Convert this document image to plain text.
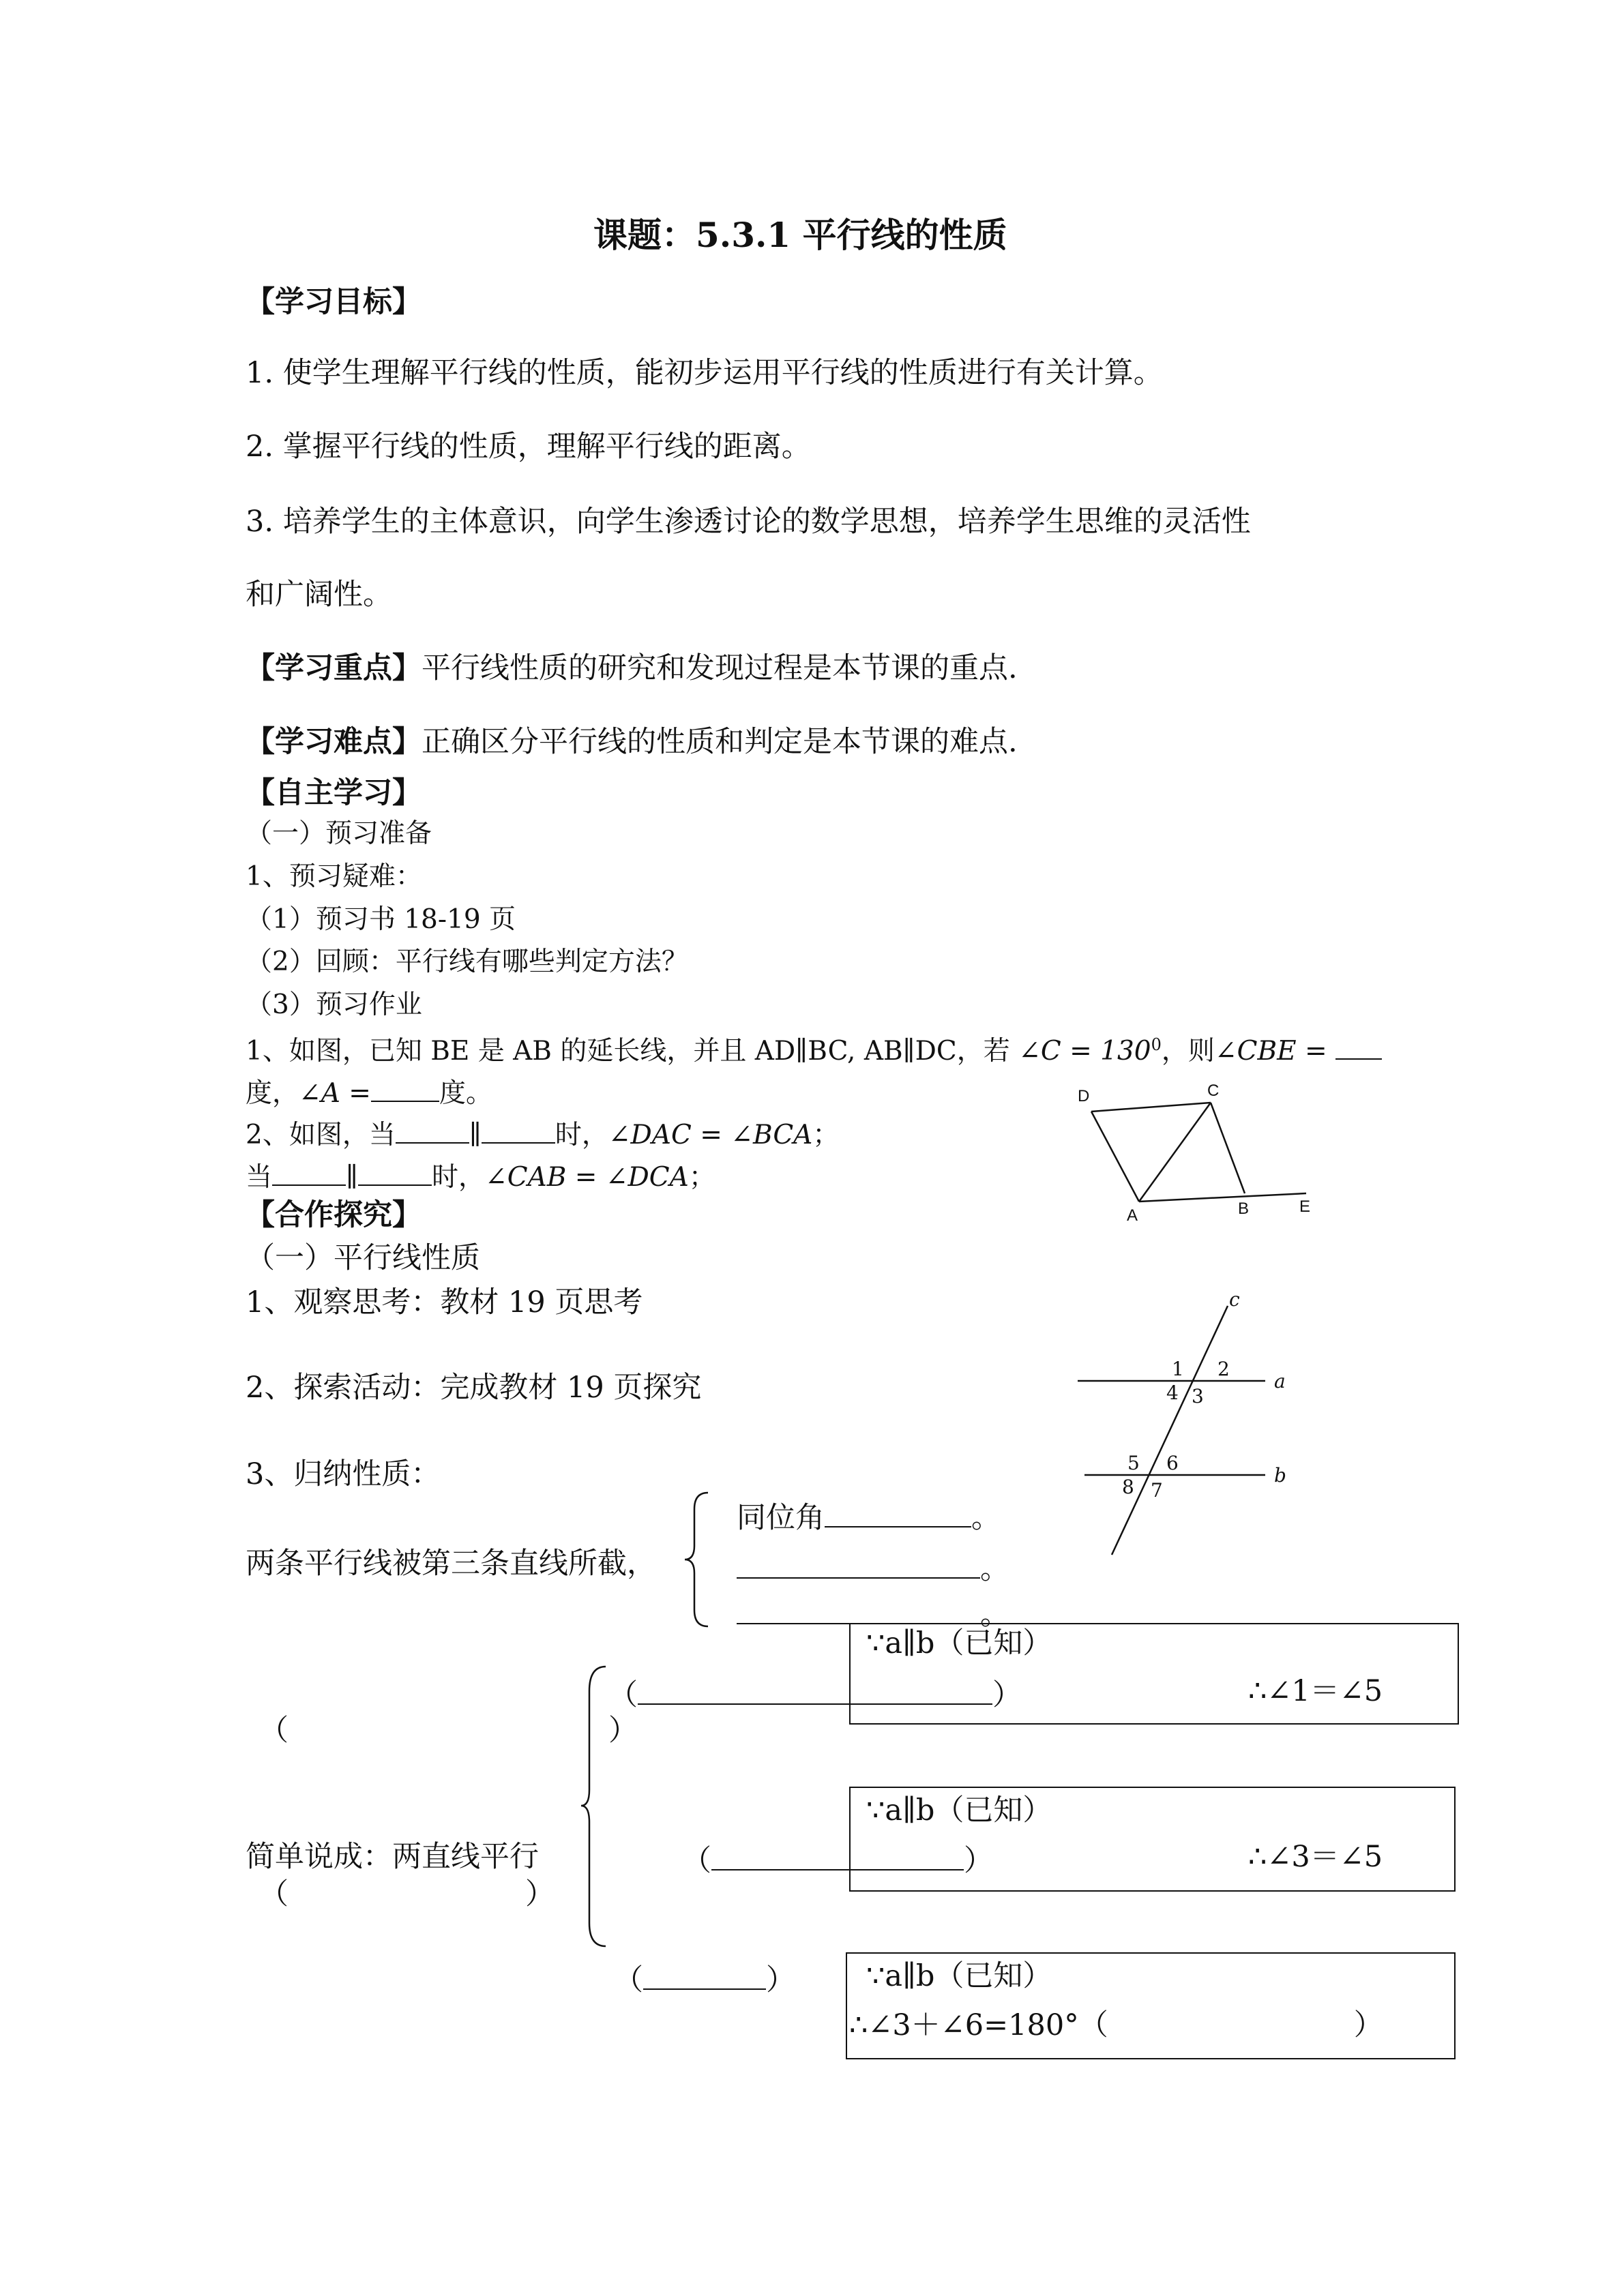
课题：5.3.1 平行线的性质
【学习目标】
1. 使学生理解平行线的性质，能初步运用平行线的性质进行有关计算。
2. 掌握平行线的性质，理解平行线的距离。
3. 培养学生的主体意识，向学生渗透讨论的数学思想，培养学生思维的灵活性
和广阔性。
【学习重点】平行线性质的研究和发现过程是本节课的重点.
【学习难点】正确区分平行线的性质和判定是本节课的难点.
【自主学习】
（一）预习准备
1、预习疑难：
（1）预习书 18-19 页
（2）回顾：平行线有哪些判定方法？
（3）预习作业
1、如图，已知 BE 是 AB 的延长线，并且 AD∥BC, AB∥DC，若 ∠C = $130^0$，则∠CBE =
度，∠A =	度。
2、如图，当	∥	时，∠DAC = ∠BCA；
当	∥	时，∠CAB = ∠DCA；
D	C
A	B	E
【合作探究】
（一）平行线性质
1、观察思考：教材 19 页思考
2、探索活动：完成教材 19 页探究
3、归纳性质：
c
a
b
1 2
3
4
5 6
7
8
两条平行线被第三条直线所截，
同位角	。
。
。
∵a∥b（已知）
∴∠1＝∠5
∵a∥b（已知）
∴∠3＝∠5
∵a∥b（已知）
∴∠3＋∠6=180°（	）
（	）
）
（
简单说成：两直线平行	（	）
（	）
（	）
